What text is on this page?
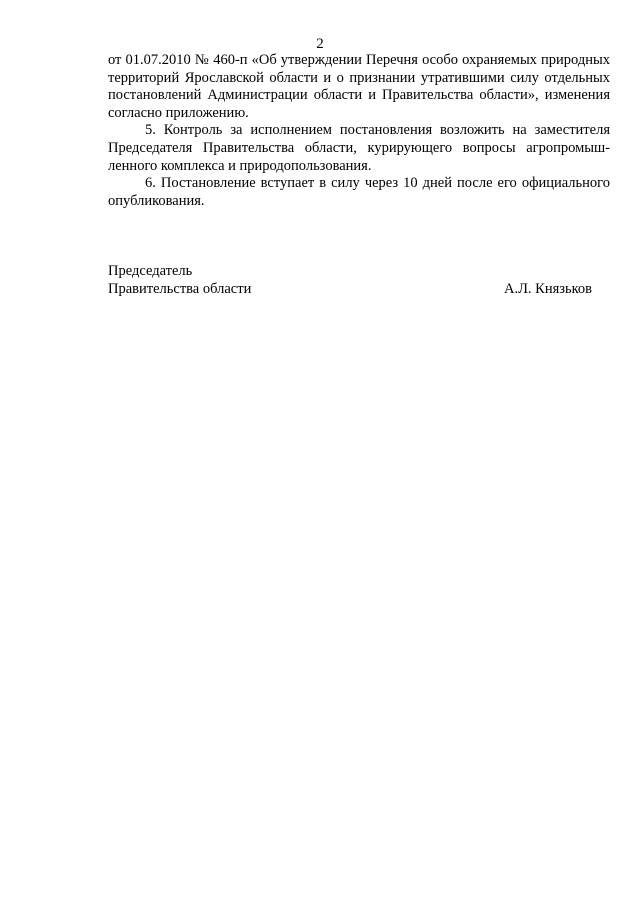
2

от 01.07.2010 № 460-п «Об утверждении Перечня особо охраняемых природных территорий Ярославской области и о признании утратившими силу отдельных постановлений Администрации области и Правительства области», изменения согласно приложению.

5. Контроль за исполнением постановления возложить на заместителя Председателя Правительства области, курирующего вопросы агропромышленного комплекса и природопользования.

6. Постановление вступает в силу через 10 дней после его официального опубликования.

Председатель
Правительства области	А.Л. Князьков
